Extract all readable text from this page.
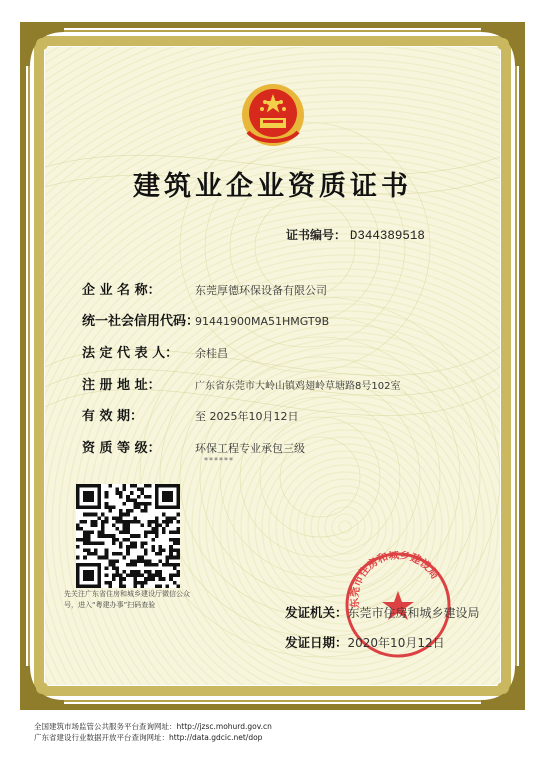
建筑业企业资质证书
证书编号： D344389518
企 业 名 称：	东莞厚德环保设备有限公司
统一社会信用代码：91441900MA51HMGT9B
法 定 代 表 人： 余桂昌
注 册 地 址：	广东省东莞市大岭山镇鸡翅岭草塘路8号102室
有 效 期：	至 2025年10月12日
资 质 等 级：	环保工程专业承包三级
******
先关注广东省住房和城乡建设厅微信公众号，进入“粤建办事”扫码查验	东莞市住房和城乡建设局
发证机关：东莞市住房和城乡建设局
发证日期：2020年10月12日
全国建筑市场监管公共服务平台查询网址：http://jzsc.mohurd.gov.cn
广东省建设行业数据开放平台查询网址：http://data.gdcic.net/dop
